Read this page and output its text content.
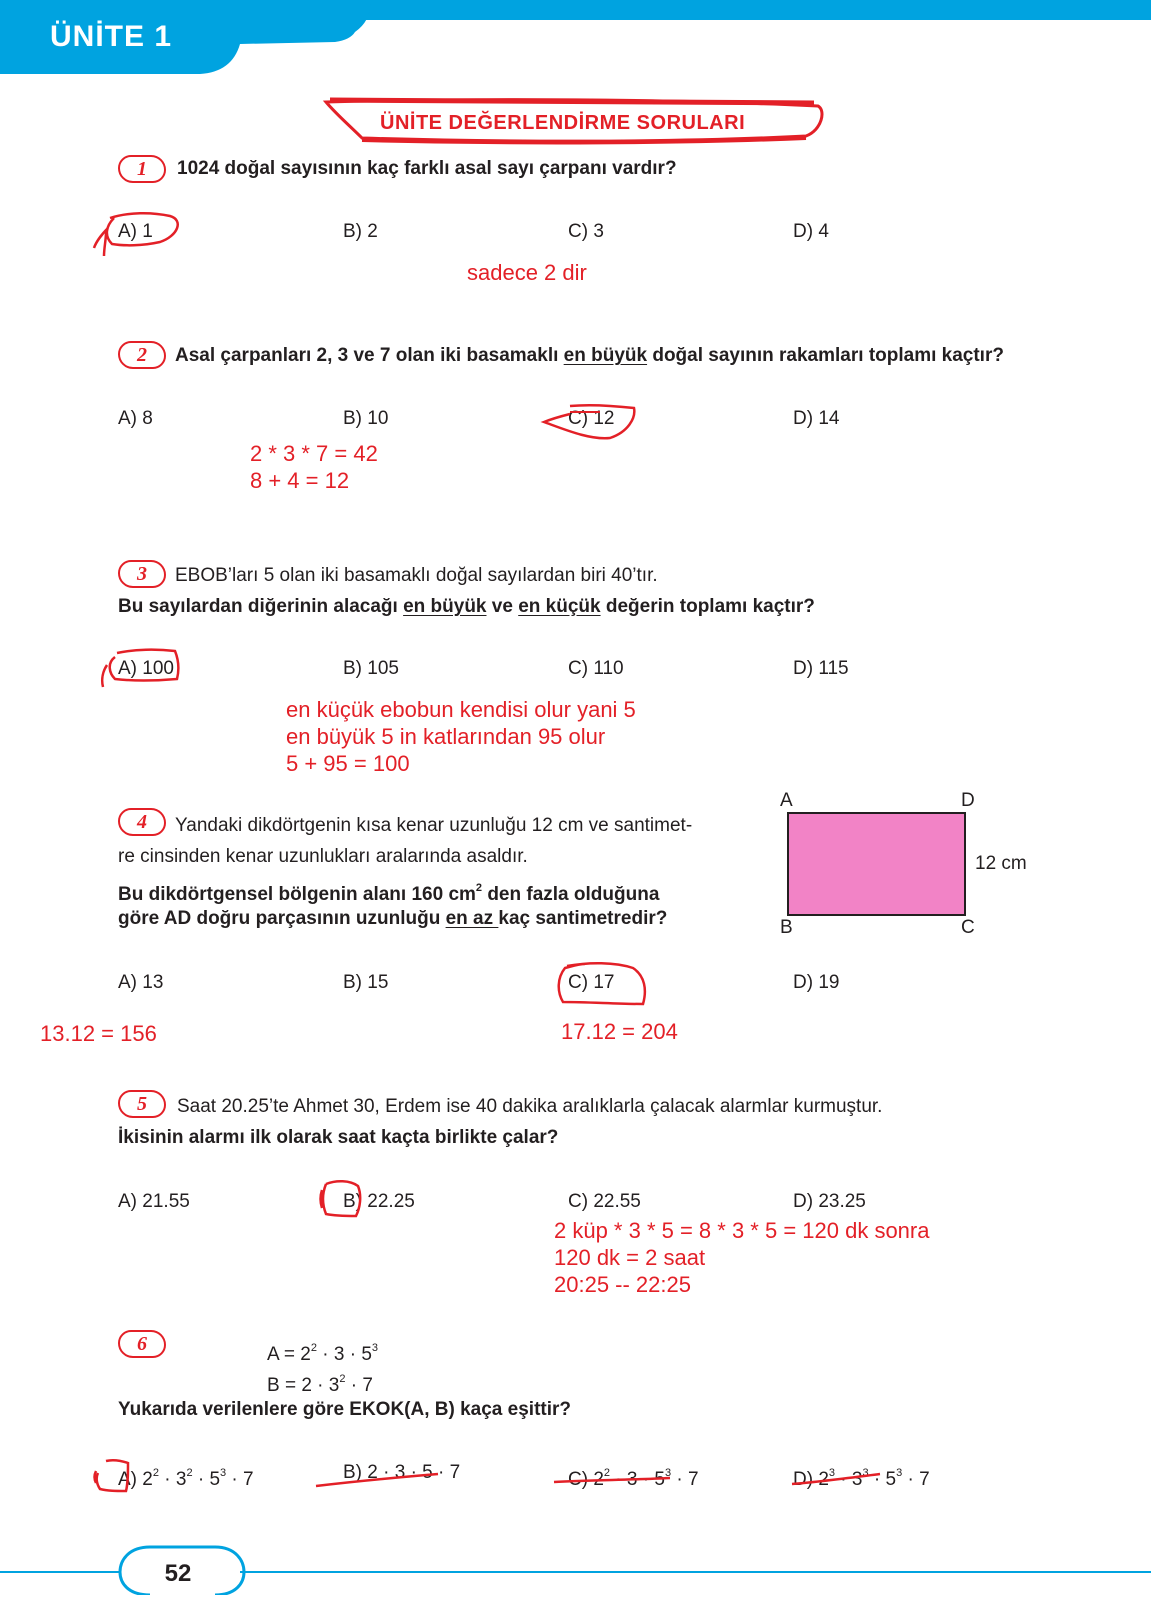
ÜNİTE 1
ÜNİTE DEĞERLENDİRME SORULARI
1	1024 doğal sayısının kaç farklı asal sayı çarpanı vardır?
A) 1	B) 2	C) 3	D) 4
sadece 2 dir
2	Asal çarpanları 2, 3 ve 7 olan iki basamaklı en büyük doğal sayının rakamları toplamı kaçtır?
A) 8	B) 10	C) 12	D) 14
2 * 3 * 7 = 42
8 + 4 = 12
3	EBOB’ları 5 olan iki basamaklı doğal sayılardan biri 40’tır.
Bu sayılardan diğerinin alacağı en büyük ve en küçük değerin toplamı kaçtır?
A) 100	B) 105	C) 110	D) 115
en küçük ebobun kendisi olur yani 5
en büyük 5 in katlarından 95 olur
5 + 95 = 100
4	Yandaki dikdörtgenin kısa kenar uzunluğu 12 cm ve santimet-
re cinsinden kenar uzunlukları aralarında asaldır.
Bu dikdörtgensel bölgenin alanı 160 $cm^2$ den fazla olduğuna
göre AD doğru parçasının uzunluğu en az kaç santimetredir?
A	D
B	C
12 cm
A) 13	B) 15	C) 17	D) 19
13.12 = 156	17.12 = 204
5	Saat 20.25’te Ahmet 30, Erdem ise 40 dakika aralıklarla çalacak alarmlar kurmuştur.
İkisinin alarmı ilk olarak saat kaçta birlikte çalar?
A) 21.55	B) 22.25	C) 22.55	D) 23.25
2 küp * 3 * 5 = 8 * 3 * 5 = 120 dk sonra
120 dk = 2 saat
20:25 -- 22:25
6	$A = 2^2 \cdot 3 \cdot 5^3$
$B = 2 \cdot 3^2 \cdot 7$
Yukarıda verilenlere göre EKOK(A, B) kaça eşittir?
A) $2^2 \cdot 3^2 \cdot 5^3 \cdot 7$	B) 2 · 3 · 5 · 7	C) $2^2 \cdot 3 \cdot 5^3 \cdot 7$	D) $2^3 \cdot 3^3 \cdot 5^3 \cdot 7$
52
